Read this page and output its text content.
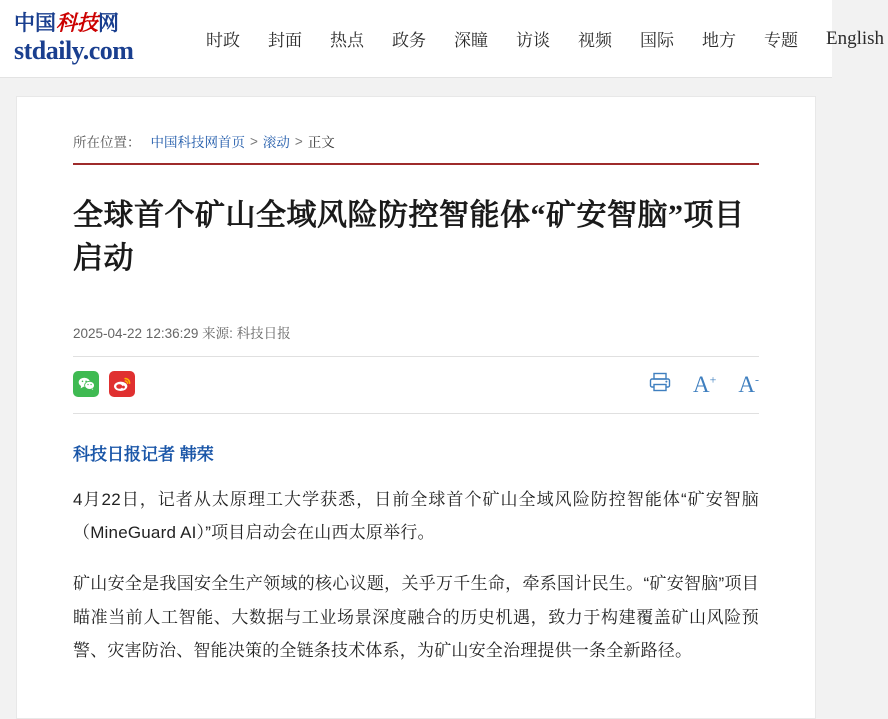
中国科技网
stdaily.com	时政	封面	热点	政务	深瞳	访谈	视频	国际	地方	专题	English
所在位置： 中国科技网首页 > 滚动 > 正文
全球首个矿山全域风险防控智能体“矿安智脑”项目启动
2025-04-22 12:36:29 来源: 科技日报
A+ A-
科技日报记者 韩荣

4月22日，记者从太原理工大学获悉，日前全球首个矿山全域风险防控智能体“矿安智脑（MineGuard AI）”项目启动会在山西太原举行。

矿山安全是我国安全生产领域的核心议题，关乎万千生命，牵系国计民生。“矿安智脑”项目瞄准当前人工智能、大数据与工业场景深度融合的历史机遇，致力于构建覆盖矿山风险预警、灾害防治、智能决策的全链条技术体系，为矿山安全治理提供一条全新路径。
